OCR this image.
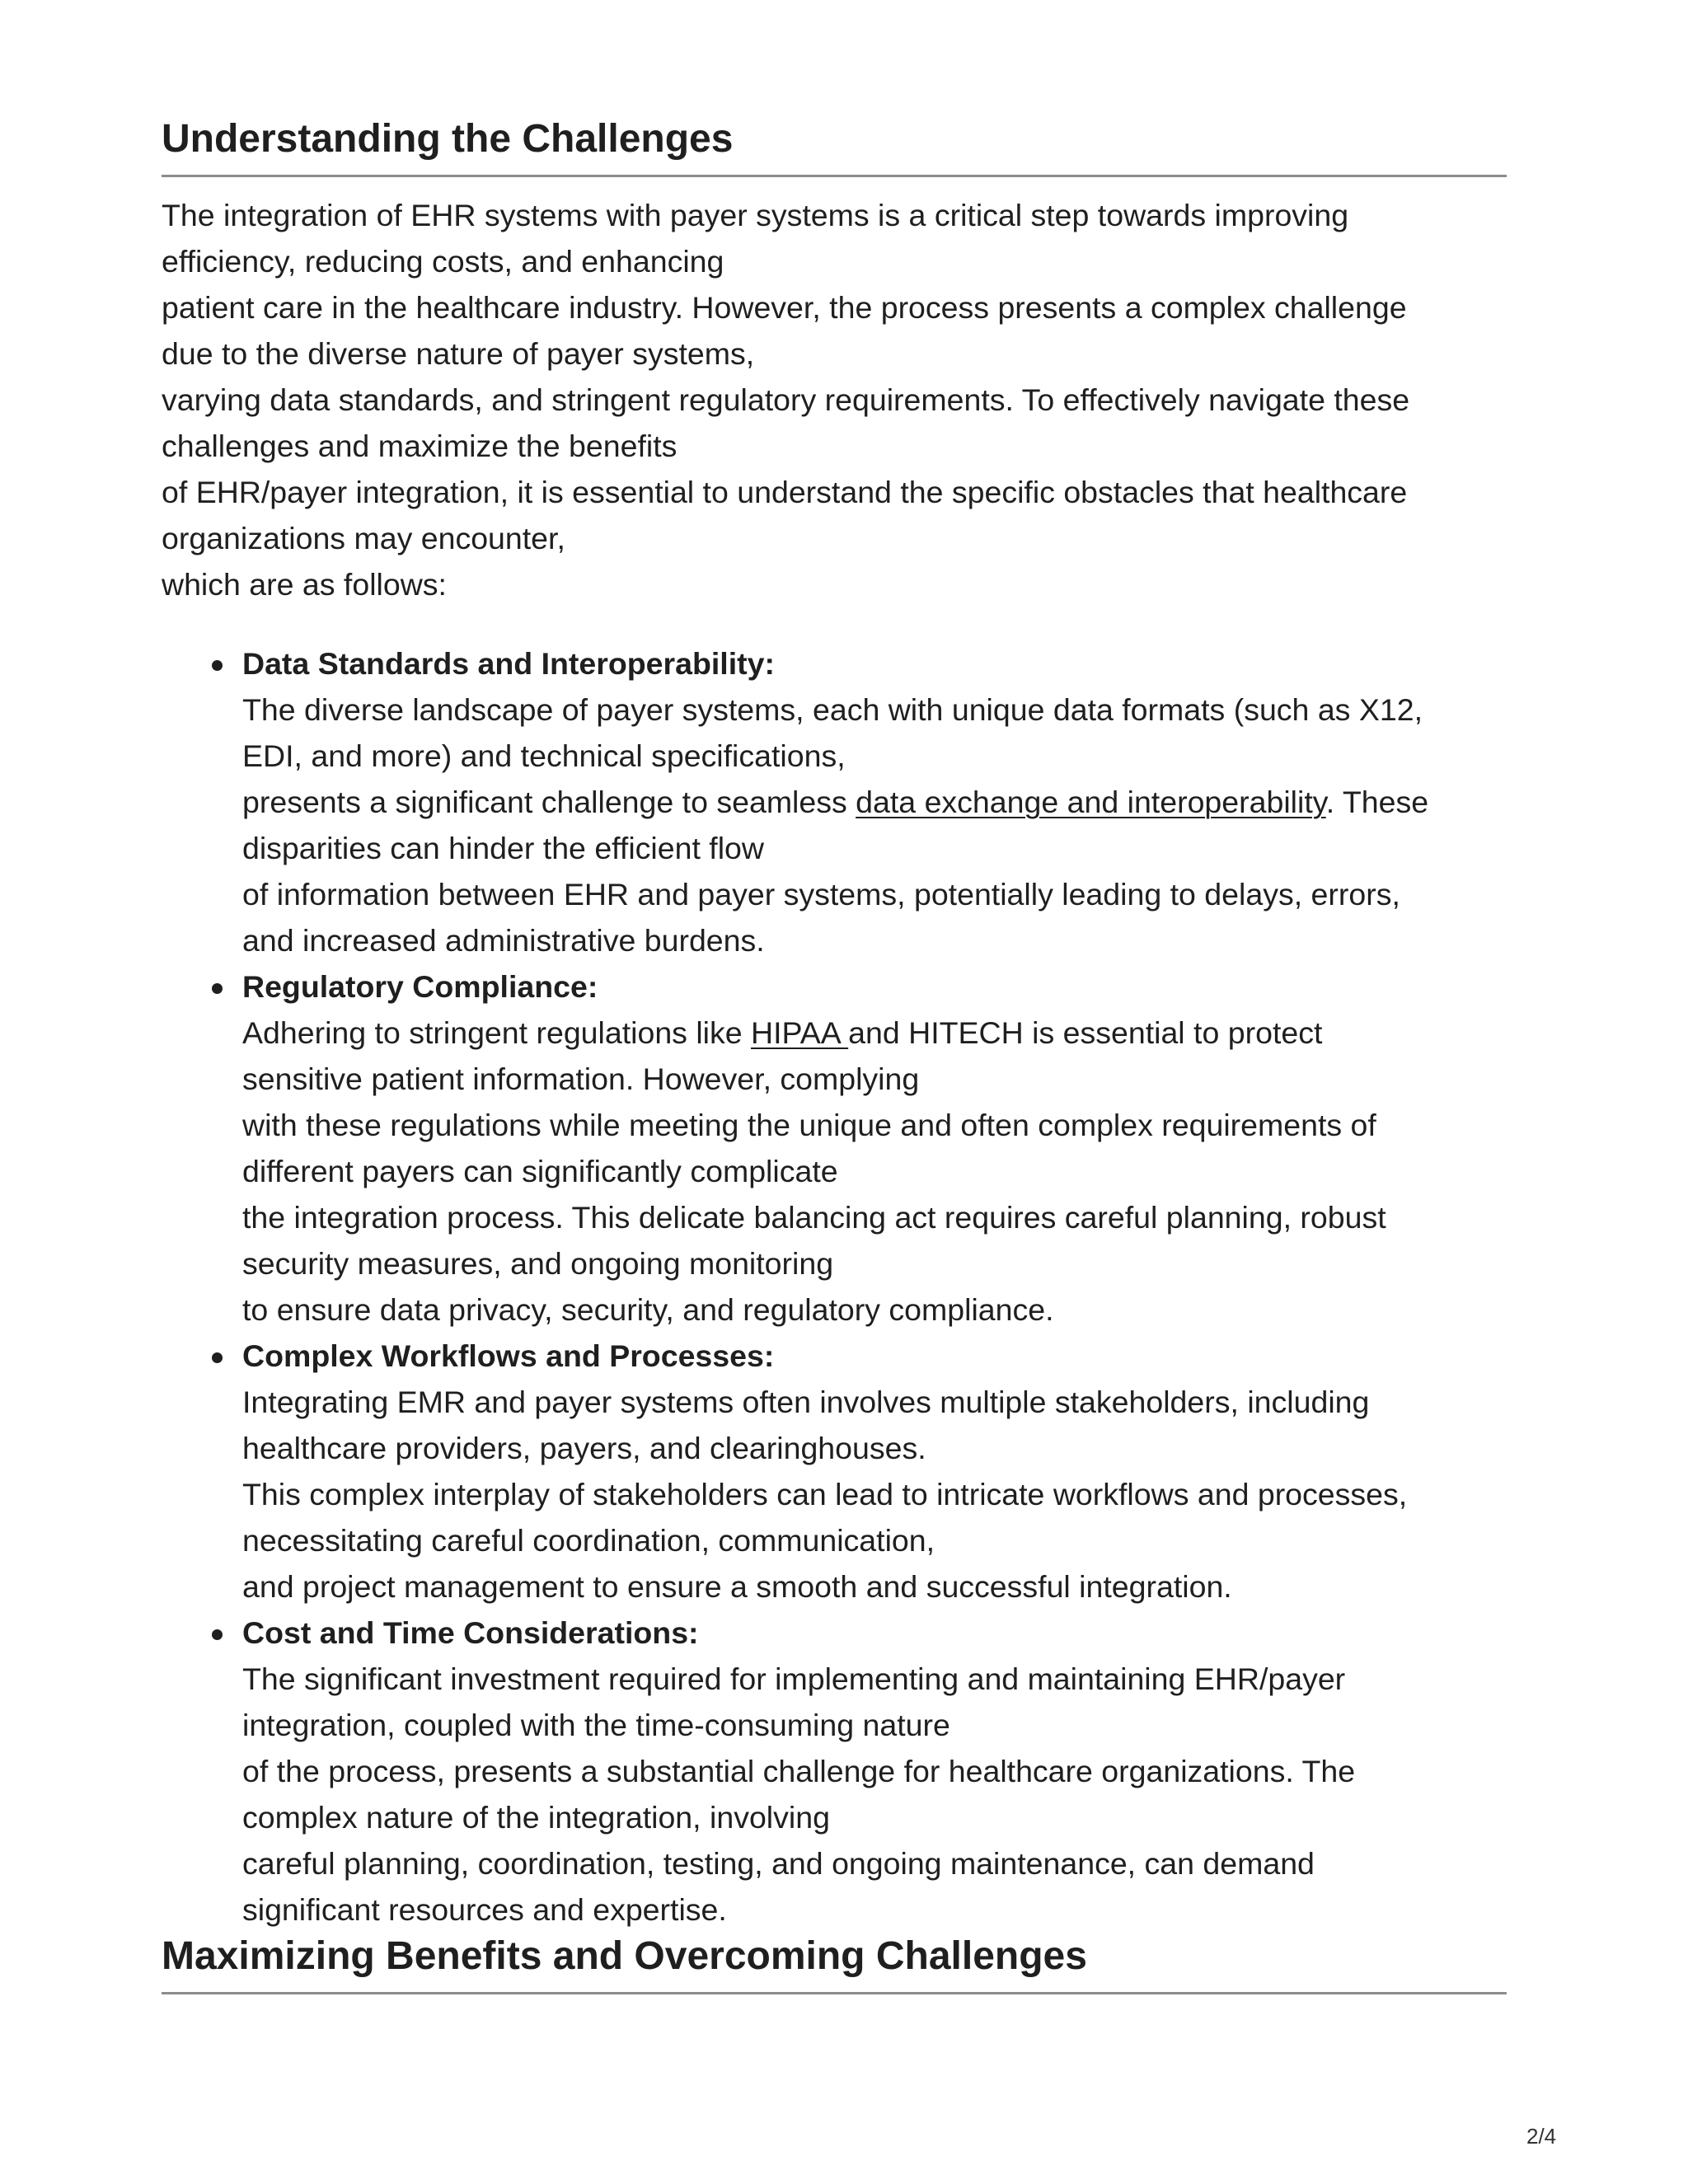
Understanding the Challenges

The integration of EHR systems with payer systems is a critical step towards improving
efficiency, reducing costs, and enhancing
patient care in the healthcare industry. However, the process presents a complex challenge
due to the diverse nature of payer systems,
varying data standards, and stringent regulatory requirements. To effectively navigate these
challenges and maximize the benefits
of EHR/payer integration, it is essential to understand the specific obstacles that healthcare
organizations may encounter,
which are as follows:

Data Standards and Interoperability:
The diverse landscape of payer systems, each with unique data formats (such as X12,
EDI, and more) and technical specifications,
presents a significant challenge to seamless data exchange and interoperability. These
disparities can hinder the efficient flow
of information between EHR and payer systems, potentially leading to delays, errors,
and increased administrative burdens.
Regulatory Compliance:
Adhering to stringent regulations like HIPAA and HITECH is essential to protect
sensitive patient information. However, complying
with these regulations while meeting the unique and often complex requirements of
different payers can significantly complicate
the integration process. This delicate balancing act requires careful planning, robust
security measures, and ongoing monitoring
to ensure data privacy, security, and regulatory compliance.
Complex Workflows and Processes:
Integrating EMR and payer systems often involves multiple stakeholders, including
healthcare providers, payers, and clearinghouses.
This complex interplay of stakeholders can lead to intricate workflows and processes,
necessitating careful coordination, communication,
and project management to ensure a smooth and successful integration.
Cost and Time Considerations:
The significant investment required for implementing and maintaining EHR/payer
integration, coupled with the time-consuming nature
of the process, presents a substantial challenge for healthcare organizations. The
complex nature of the integration, involving
careful planning, coordination, testing, and ongoing maintenance, can demand
significant resources and expertise.
Maximizing Benefits and Overcoming Challenges
2/4
